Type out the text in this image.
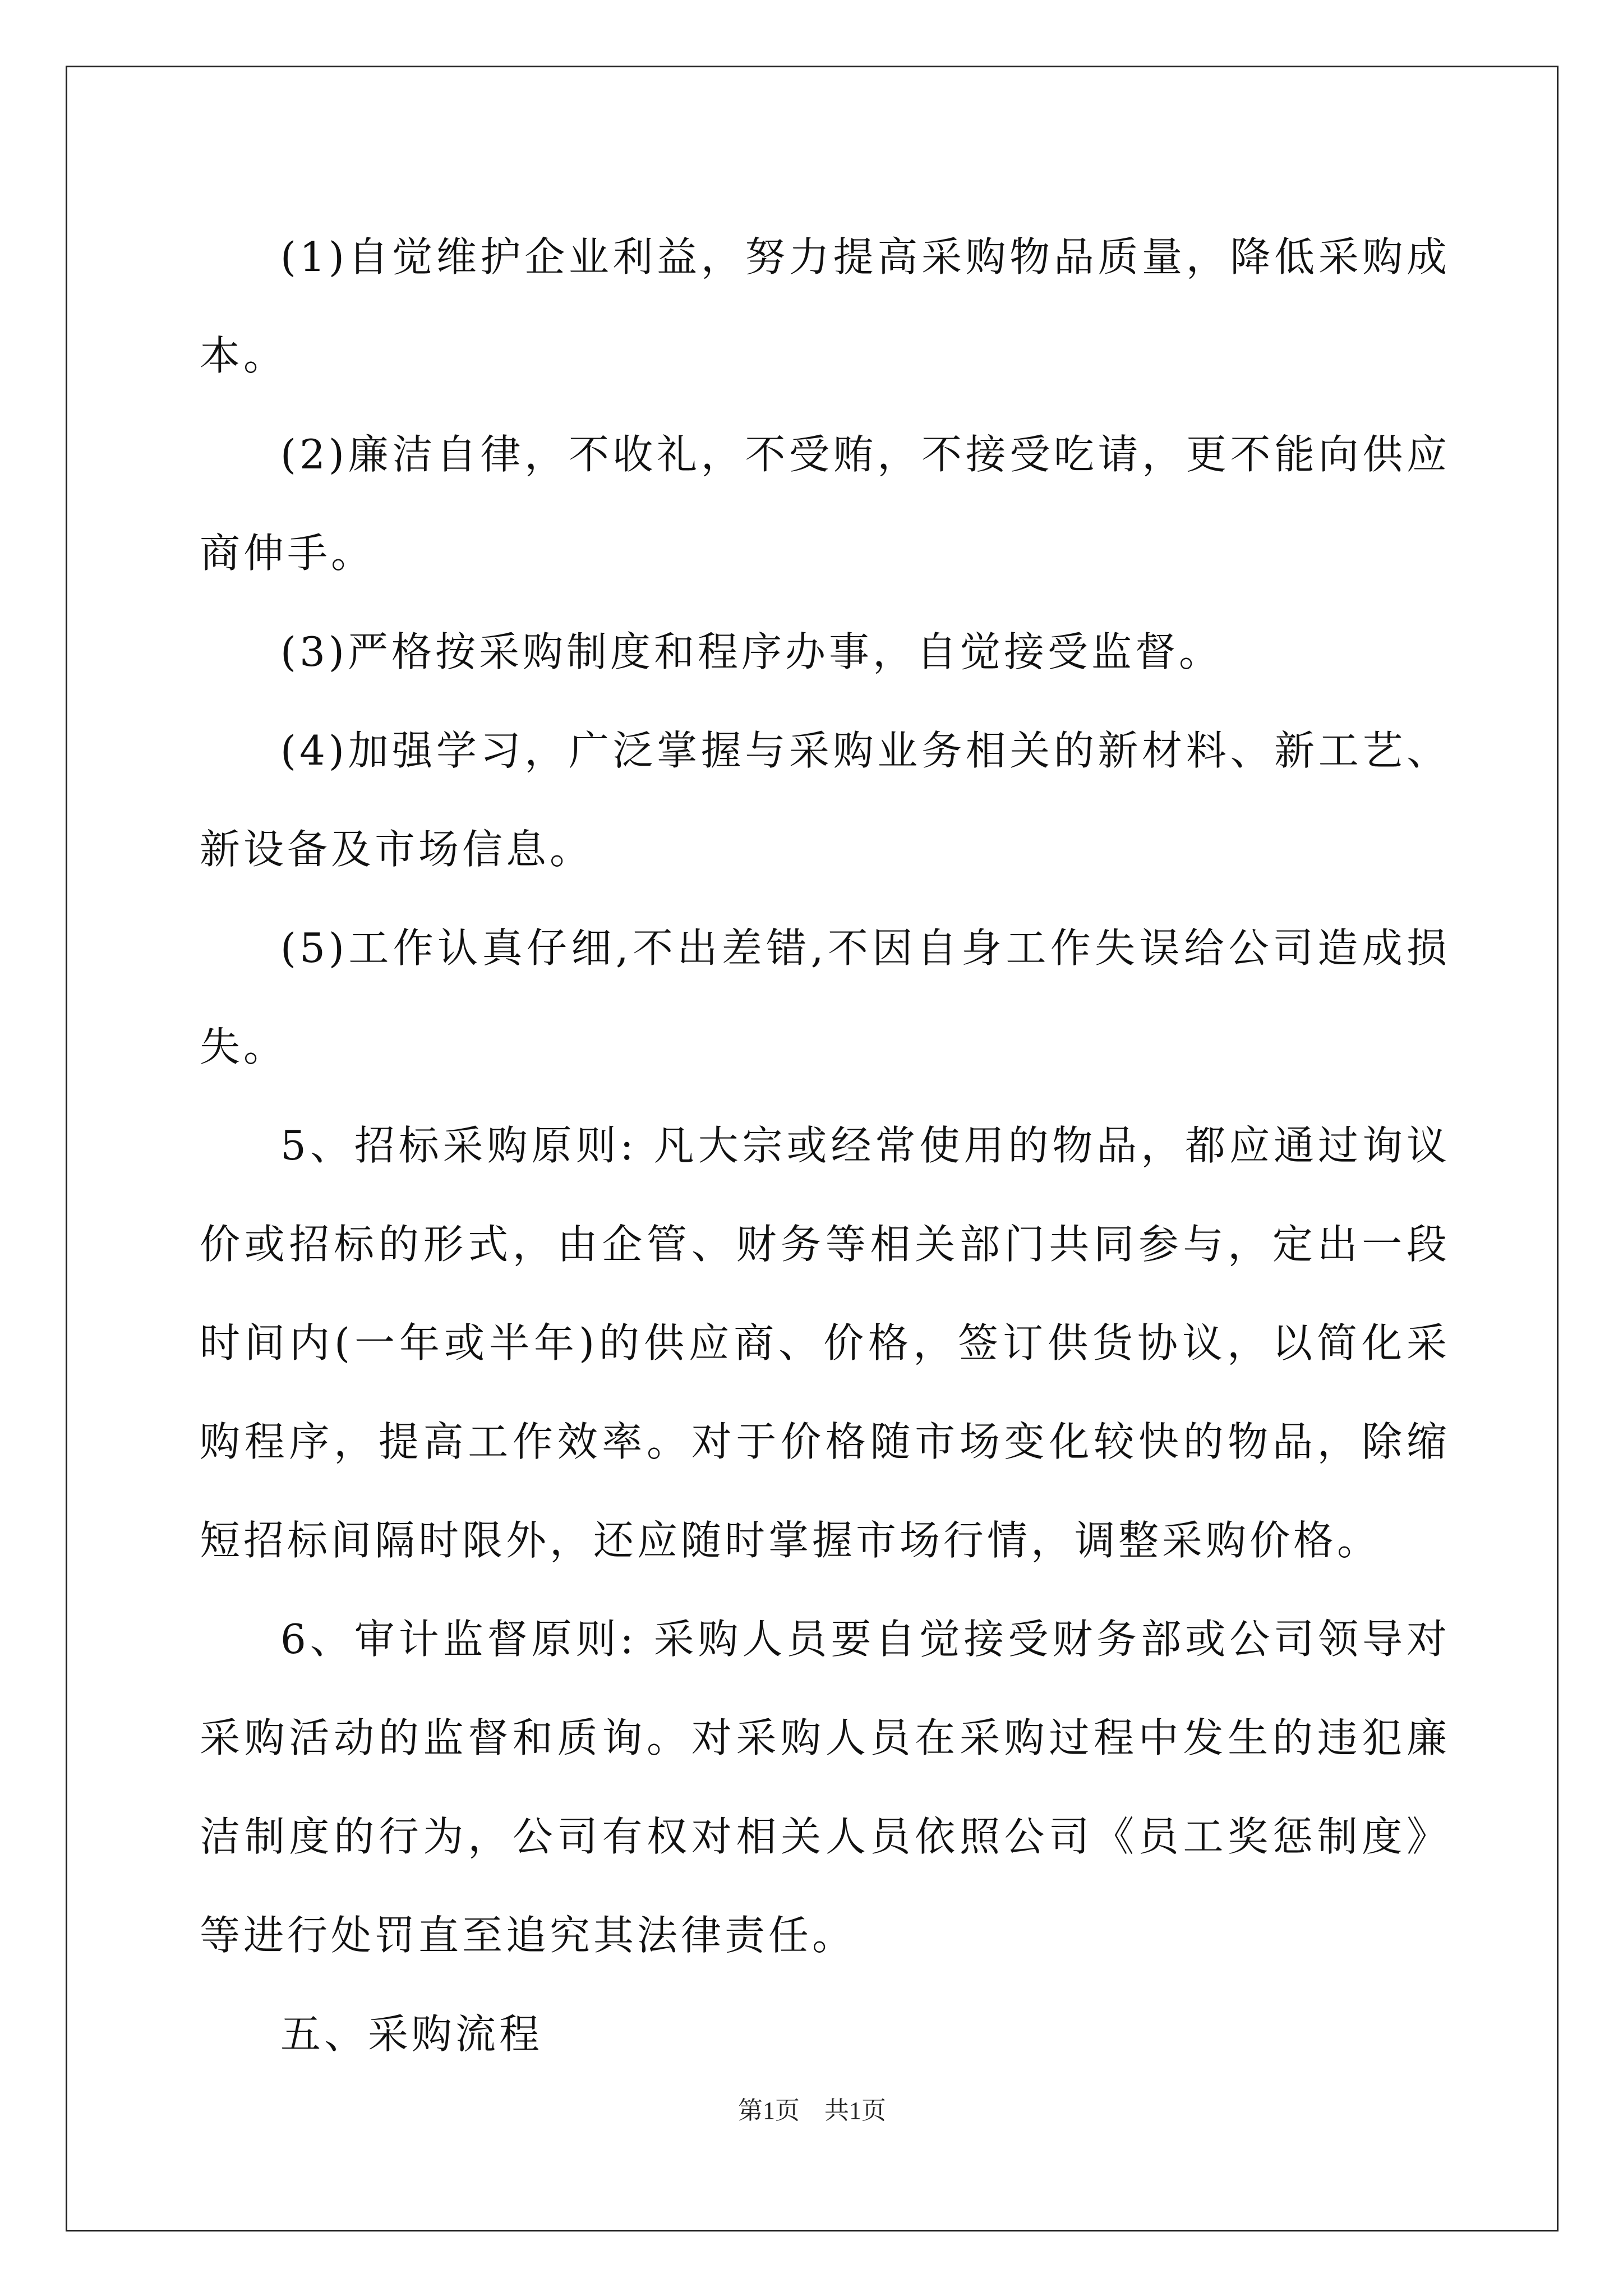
(1)自觉维护企业利益，努力提高采购物品质量，降低采购成本。

(2)廉洁自律，不收礼，不受贿，不接受吃请，更不能向供应商伸手。

(3)严格按采购制度和程序办事，自觉接受监督。

(4)加强学习，广泛掌握与采购业务相关的新材料、新工艺、新设备及市场信息。

(5)工作认真仔细,不出差错,不因自身工作失误给公司造成损失。

5、招标采购原则: 凡大宗或经常使用的物品，都应通过询议价或招标的形式，由企管、财务等相关部门共同参与，定出一段时间内(一年或半年)的供应商、价格，签订供货协议，以简化采购程序，提高工作效率。对于价格随市场变化较快的物品，除缩短招标间隔时限外，还应随时掌握市场行情，调整采购价格。

6、审计监督原则: 采购人员要自觉接受财务部或公司领导对采购活动的监督和质询。对采购人员在采购过程中发生的违犯廉洁制度的行为，公司有权对相关人员依照公司《员工奖惩制度》等进行处罚直至追究其法律责任。

五、采购流程

第1页　共1页
